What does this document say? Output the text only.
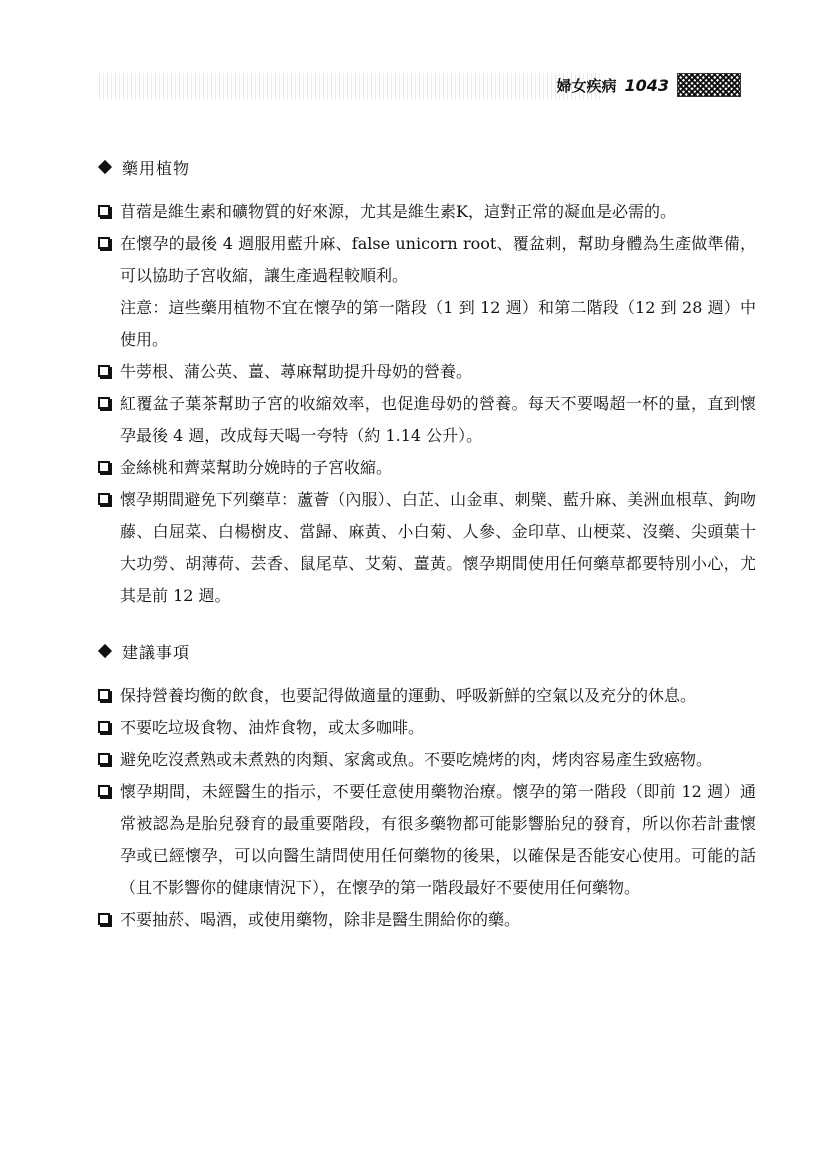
婦女疾病 1043
藥用植物
苜蓿是維生素和礦物質的好來源，尤其是維生素K，這對正常的凝血是必需的。
在懷孕的最後 4 週服用藍升麻、false unicorn root、覆盆刺，幫助身體為生產做準備，可以協助子宮收縮，讓生產過程較順利。
注意：這些藥用植物不宜在懷孕的第一階段（1 到 12 週）和第二階段（12 到 28 週）中使用。
牛蒡根、蒲公英、薑、蕁麻幫助提升母奶的營養。
紅覆盆子葉茶幫助子宮的收縮效率，也促進母奶的營養。每天不要喝超一杯的量，直到懷孕最後 4 週，改成每天喝一夸特（約 1.14 公升）。
金絲桃和薺菜幫助分娩時的子宮收縮。
懷孕期間避免下列藥草：蘆薈（內服）、白芷、山金車、刺檗、藍升麻、美洲血根草、鉤吻藤、白屈菜、白楊樹皮、當歸、麻黃、小白菊、人參、金印草、山梗菜、沒藥、尖頭葉十大功勞、胡薄荷、芸香、鼠尾草、艾菊、薑黃。懷孕期間使用任何藥草都要特別小心，尤其是前 12 週。
建議事項
保持營養均衡的飲食，也要記得做適量的運動、呼吸新鮮的空氣以及充分的休息。
不要吃垃圾食物、油炸食物，或太多咖啡。
避免吃沒煮熟或未煮熟的肉類、家禽或魚。不要吃燒烤的肉，烤肉容易產生致癌物。
懷孕期間，未經醫生的指示，不要任意使用藥物治療。懷孕的第一階段（即前 12 週）通常被認為是胎兒發育的最重要階段，有很多藥物都可能影響胎兒的發育，所以你若計畫懷孕或已經懷孕，可以向醫生請問使用任何藥物的後果，以確保是否能安心使用。可能的話（且不影響你的健康情況下），在懷孕的第一階段最好不要使用任何藥物。
不要抽菸、喝酒，或使用藥物，除非是醫生開給你的藥。
